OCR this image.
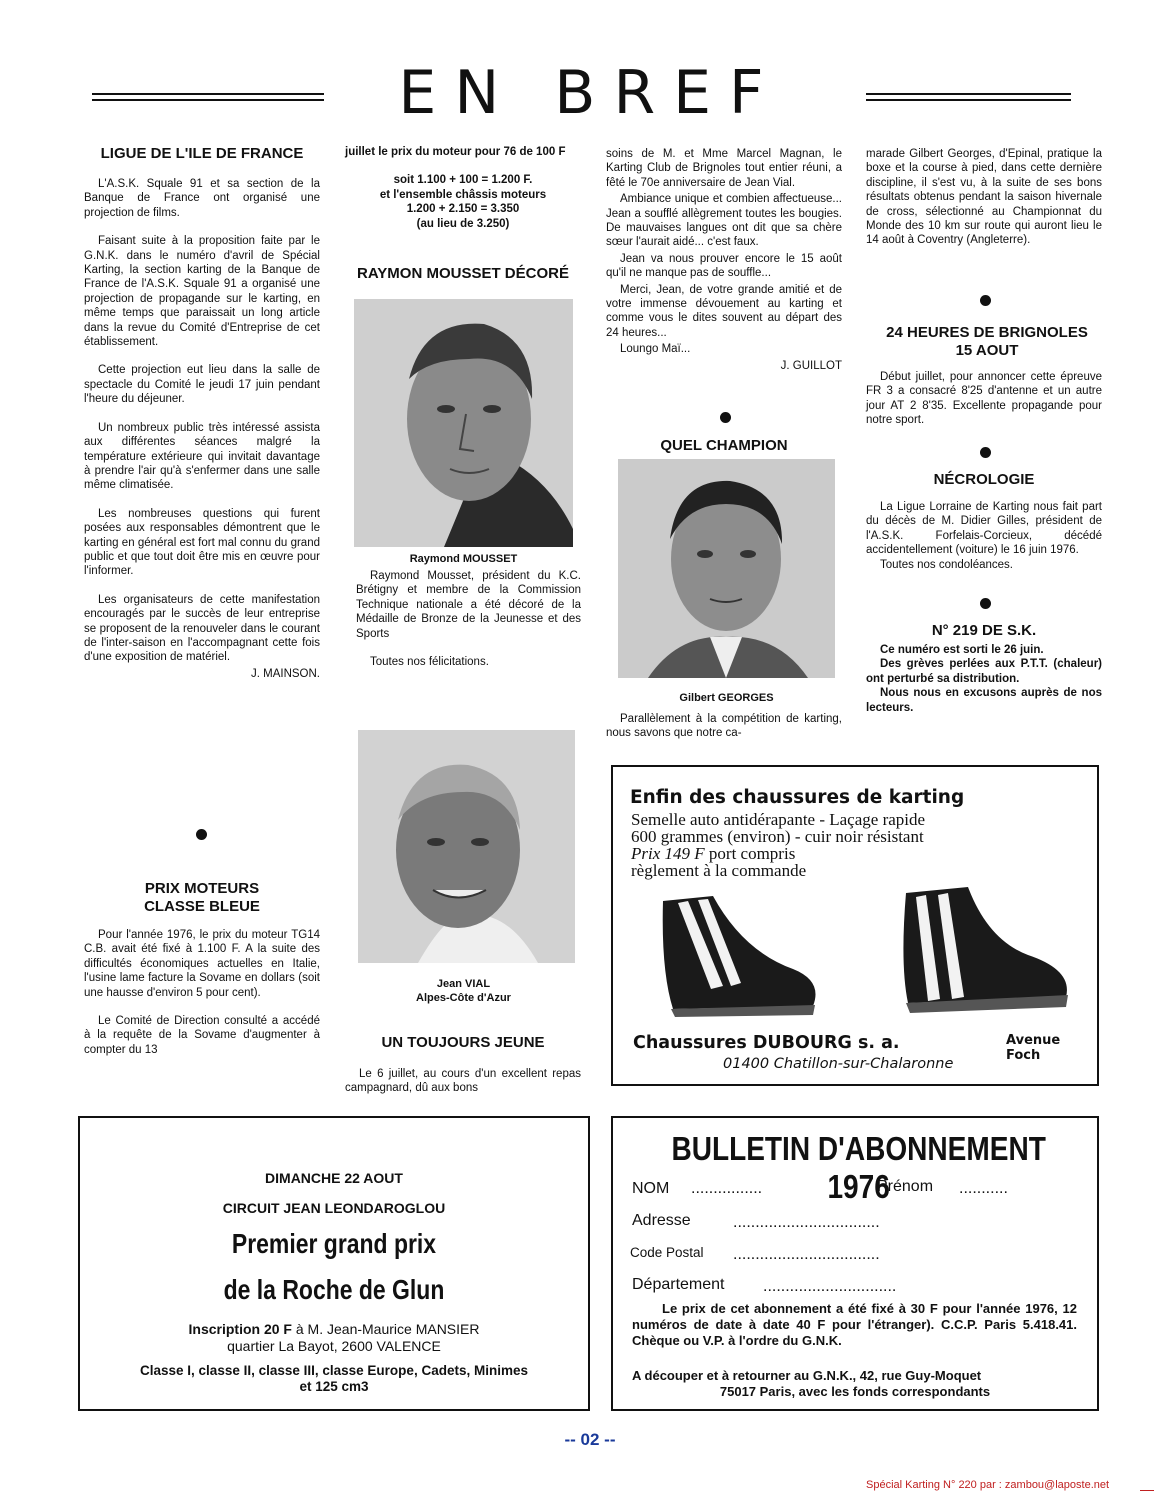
EN BREF
LIGUE DE L'ILE DE FRANCE

L'A.S.K. Squale 91 et sa section de la Banque de France ont organisé une projection de films.

Faisant suite à la proposition faite par le G.N.K. dans le numéro d'avril de Spécial Karting, la section karting de la Banque de France de l'A.S.K. Squale 91 a organisé une projection de propagande sur le karting, en même temps que paraissait un long article dans la revue du Comité d'Entreprise de cet établissement.

Cette projection eut lieu dans la salle de spectacle du Comité le jeudi 17 juin pendant l'heure du déjeuner.

Un nombreux public très intéressé assista aux différentes séances malgré la température extérieure qui invitait davantage à prendre l'air qu'à s'enfermer dans une salle même climatisée.

Les nombreuses questions qui furent posées aux responsables démontrent que le karting en général est fort mal connu du grand public et que tout doit être mis en œuvre pour l'informer.

Les organisateurs de cette manifestation encouragés par le succès de leur entreprise se proposent de la renouveler dans le courant de l'inter-saison en l'accompagnant cette fois d'une exposition de matériel.

J. MAINSON.
PRIX MOTEURS
CLASSE BLEUE

Pour l'année 1976, le prix du moteur TG14 C.B. avait été fixé à 1.100 F. A la suite des difficultés économiques actuelles en Italie, l'usine lame facture la Sovame en dollars (soit une hausse d'environ 5 pour cent).

Le Comité de Direction consulté a accédé à la requête de la Sovame d'augmenter à compter du 13

juillet le prix du moteur pour 76 de 100 F
soit 1.100 + 100 = 1.200 F.
et l'ensemble châssis moteurs
1.200 + 2.150 = 3.350
(au lieu de 3.250)
RAYMON MOUSSET DÉCORÉ
Raymond MOUSSET

Raymond Mousset, président du K.C. Brétigny et membre de la Commission Technique nationale a été décoré de la Médaille de Bronze de la Jeunesse et des Sports

Toutes nos félicitations.

Jean VIAL
Alpes-Côte d'Azur
UN TOUJOURS JEUNE

Le 6 juillet, au cours d'un excellent repas campagnard, dû aux bons

soins de M. et Mme Marcel Magnan, le Karting Club de Brignoles tout entier réuni, a fêté le 70e anniversaire de Jean Vial.

Ambiance unique et combien affectueuse... Jean a soufflé allègrement toutes les bougies. De mauvaises langues ont dit que sa chère sœur l'aurait aidé... c'est faux.

Jean va nous prouver encore le 15 août qu'il ne manque pas de souffle...

Merci, Jean, de votre grande amitié et de votre immense dévouement au karting et comme vous le dites souvent au départ des 24 heures...

Loungo Maï...

J. GUILLOT
QUEL CHAMPION
Gilbert GEORGES

Parallèlement à la compétition de karting, nous savons que notre ca-

marade Gilbert Georges, d'Epinal, pratique la boxe et la course à pied, dans cette dernière discipline, il s'est vu, à la suite de ses bons résultats obtenus pendant la saison hivernale de cross, sélectionné au Championnat du Monde des 10 km sur route qui auront lieu le 14 août à Coventry (Angleterre).

24 HEURES DE BRIGNOLES
15 AOUT

Début juillet, pour annoncer cette épreuve FR 3 a consacré 8'25 d'antenne et un autre jour AT 2 8'35. Excellente propagande pour notre sport.

NÉCROLOGIE

La Ligue Lorraine de Karting nous fait part du décès de M. Didier Gilles, président de l'A.S.K. Forfelais-Corcieux, décédé accidentellement (voiture) le 16 juin 1976.

Toutes nos condoléances.

N° 219 DE S.K.

Ce numéro est sorti le 26 juin.

Des grèves perlées aux P.T.T. (chaleur) ont perturbé sa distribution.

Nous nous en excusons auprès de nos lecteurs.

Enfin des chaussures de karting
Semelle auto antidérapante - Laçage rapide
600 grammes (environ) - cuir noir résistant
Prix 149 F port compris
règlement à la commande
Chaussures DUBOURG s. a.	Avenue Foch
01400 Chatillon-sur-Chalaronne
DIMANCHE 22 AOUT
CIRCUIT JEAN LEONDAROGLOU
Premier grand prix
de la Roche de Glun
Inscription 20 F à M. Jean-Maurice MANSIER
quartier La Bayot, 2600 VALENCE
Classe I, classe II, classe III, classe Europe, Cadets, Minimes
et 125 cm3
BULLETIN D'ABONNEMENT 1976
NOM ................	Prénom ...........
Adresse	.................................
Code Postal .................................
Département ..............................
Le prix de cet abonnement a été fixé à 30 F pour l'année 1976, 12 numéros de date à date 40 F pour l'étranger). C.C.P. Paris 5.418.41. Chèque ou V.P. à l'ordre du G.N.K.
A découper et à retourner au G.N.K., 42, rue Guy-Moquet
75017 Paris, avec les fonds correspondants
-- 02 --
Spécial Karting N° 220 par : zambou@laposte.net
